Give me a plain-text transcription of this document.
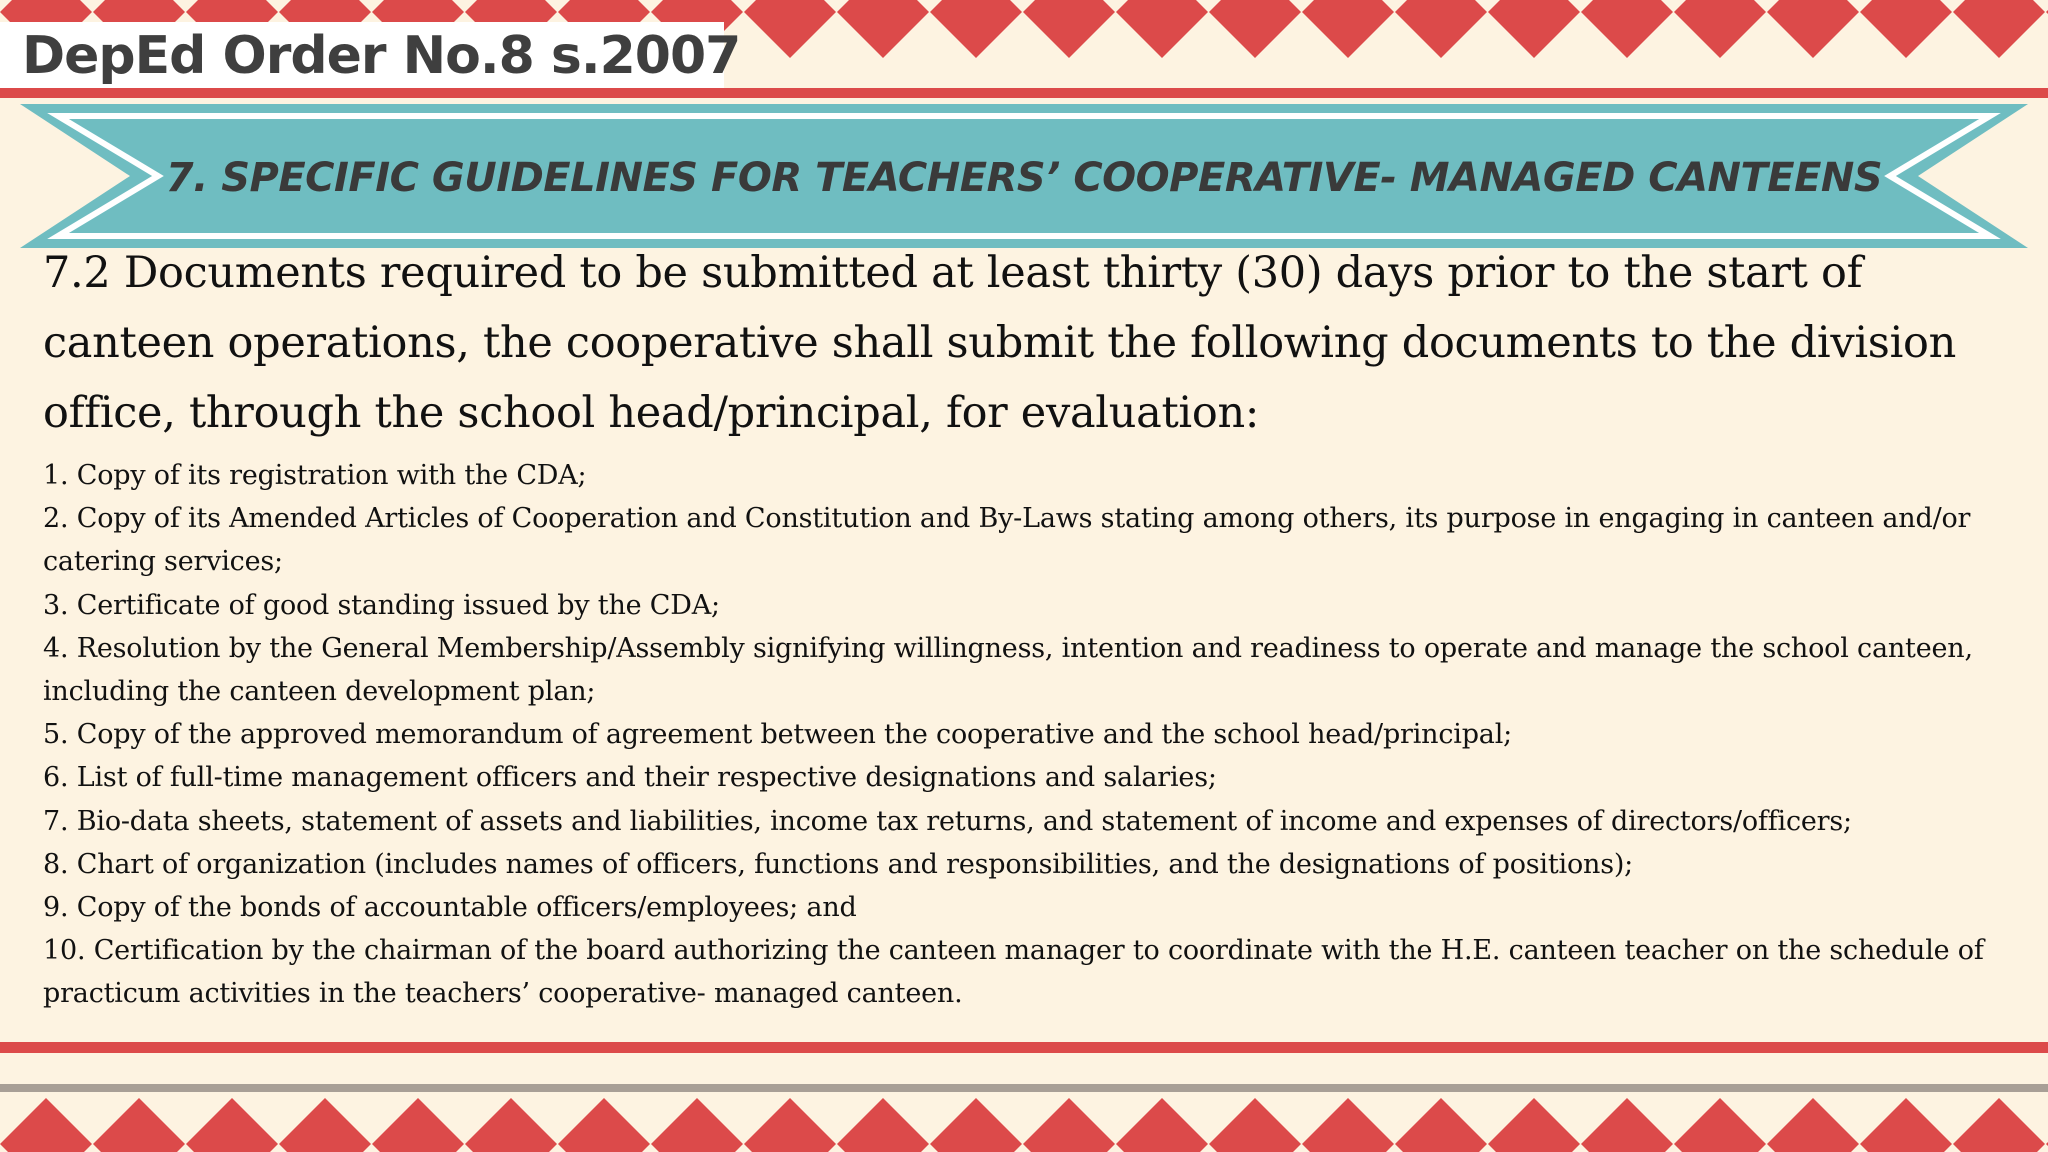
DepEd Order No.8 s.2007
7. SPECIFIC GUIDELINES FOR TEACHERS’ COOPERATIVE- MANAGED CANTEENS

7.2 Documents required to be submitted at least thirty (30) days prior to the start of canteen operations, the cooperative shall submit the following documents to the division office, through the school head/principal, for evaluation:

1. Copy of its registration with the CDA;
2. Copy of its Amended Articles of Cooperation and Constitution and By-Laws stating among others, its purpose in engaging in canteen and/or catering services;
3. Certificate of good standing issued by the CDA;
4. Resolution by the General Membership/Assembly signifying willingness, intention and readiness to operate and manage the school canteen, including the canteen development plan;
5. Copy of the approved memorandum of agreement between the cooperative and the school head/principal;
6. List of full-time management officers and their respective designations and salaries;
7. Bio-data sheets, statement of assets and liabilities, income tax returns, and statement of income and expenses of directors/officers;
8. Chart of organization (includes names of officers, functions and responsibilities, and the designations of positions);
9. Copy of the bonds of accountable officers/employees; and
10. Certification by the chairman of the board authorizing the canteen manager to coordinate with the H.E. canteen teacher on the schedule of practicum activities in the teachers’ cooperative- managed canteen.
